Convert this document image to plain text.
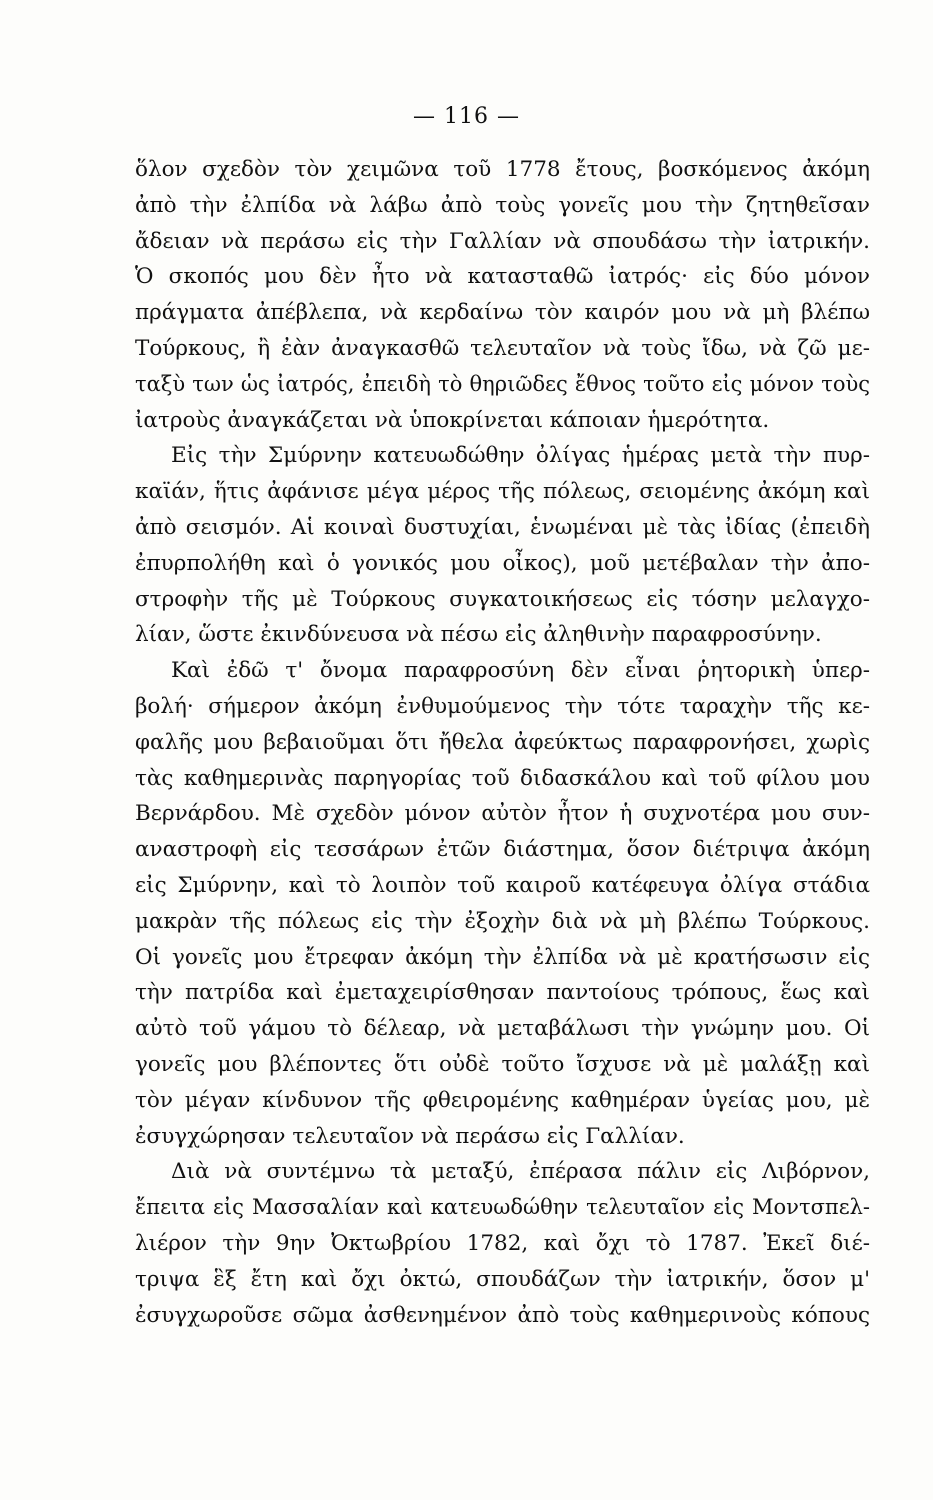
— 116 —
ὅλον σχεδὸν τὸν χειμῶνα τοῦ 1778 ἔτους, βοσκόμενος ἀκόμη
ἀπὸ τὴν ἐλπίδα νὰ λάβω ἀπὸ τοὺς γονεῖς μου τὴν ζητηθεῖσαν
ἄδειαν νὰ περάσω εἰς τὴν Γαλλίαν νὰ σπουδάσω τὴν ἰατρικήν.
Ὁ σκοπός μου δὲν ἦτο νὰ κατασταθῶ ἰατρός· εἰς δύο μόνον
πράγματα ἀπέβλεπα, νὰ κερδαίνω τὸν καιρόν μου νὰ μὴ βλέπω
Τούρκους, ἢ ἐὰν ἀναγκασθῶ τελευταῖον νὰ τοὺς ἴδω, νὰ ζῶ με-
ταξὺ των ὡς ἰατρός, ἐπειδὴ τὸ θηριῶδες ἔθνος τοῦτο εἰς μόνον τοὺς
ἰατροὺς ἀναγκάζεται νὰ ὑποκρίνεται κάποιαν ἡμερότητα.
Εἰς τὴν Σμύρνην κατευωδώθην ὀλίγας ἡμέρας μετὰ τὴν πυρ-
καϊάν, ἥτις ἀφάνισε μέγα μέρος τῆς πόλεως, σειομένης ἀκόμη καὶ
ἀπὸ σεισμόν. Αἱ κοιναὶ δυστυχίαι, ἑνωμέναι μὲ τὰς ἰδίας (ἐπειδὴ
ἐπυρπολήθη καὶ ὁ γονικός μου οἶκος), μοῦ μετέβαλαν τὴν ἀπο-
στροφὴν τῆς μὲ Τούρκους συγκατοικήσεως εἰς τόσην μελαγχο-
λίαν, ὥστε ἐκινδύνευσα νὰ πέσω εἰς ἀληθινὴν παραφροσύνην.
Καὶ ἐδῶ τ' ὄνομα παραφροσύνη δὲν εἶναι ῥητορικὴ ὑπερ-
βολή· σήμερον ἀκόμη ἐνθυμούμενος τὴν τότε ταραχὴν τῆς κε-
φαλῆς μου βεβαιοῦμαι ὅτι ἤθελα ἀφεύκτως παραφρονήσει, χωρὶς
τὰς καθημερινὰς παρηγορίας τοῦ διδασκάλου καὶ τοῦ φίλου μου
Βερνάρδου. Μὲ σχεδὸν μόνον αὐτὸν ἦτον ἡ συχνοτέρα μου συν-
αναστροφὴ εἰς τεσσάρων ἐτῶν διάστημα, ὅσον διέτριψα ἀκόμη
εἰς Σμύρνην, καὶ τὸ λοιπὸν τοῦ καιροῦ κατέφευγα ὀλίγα στάδια
μακρὰν τῆς πόλεως εἰς τὴν ἐξοχὴν διὰ νὰ μὴ βλέπω Τούρκους.
Οἱ γονεῖς μου ἔτρεφαν ἀκόμη τὴν ἐλπίδα νὰ μὲ κρατήσωσιν εἰς
τὴν πατρίδα καὶ ἐμεταχειρίσθησαν παντοίους τρόπους, ἕως καὶ
αὐτὸ τοῦ γάμου τὸ δέλεαρ, νὰ μεταβάλωσι τὴν γνώμην μου. Οἱ
γονεῖς μου βλέποντες ὅτι οὐδὲ τοῦτο ἴσχυσε νὰ μὲ μαλάξῃ καὶ
τὸν μέγαν κίνδυνον τῆς φθειρομένης καθημέραν ὑγείας μου, μὲ
ἐσυγχώρησαν τελευταῖον νὰ περάσω εἰς Γαλλίαν.
Διὰ νὰ συντέμνω τὰ μεταξύ, ἐπέρασα πάλιν εἰς Λιβόρνον,
ἔπειτα εἰς Μασσαλίαν καὶ κατευωδώθην τελευταῖον εἰς Μοντσπελ-
λιέρον τὴν 9ην Ὀκτωβρίου 1782, καὶ ὄχι τὸ 1787. Ἐκεῖ διέ-
τριψα ἓξ ἔτη καὶ ὄχι ὀκτώ, σπουδάζων τὴν ἰατρικήν, ὅσον μ'
ἐσυγχωροῦσε σῶμα ἀσθενημένον ἀπὸ τοὺς καθημερινοὺς κόπους
